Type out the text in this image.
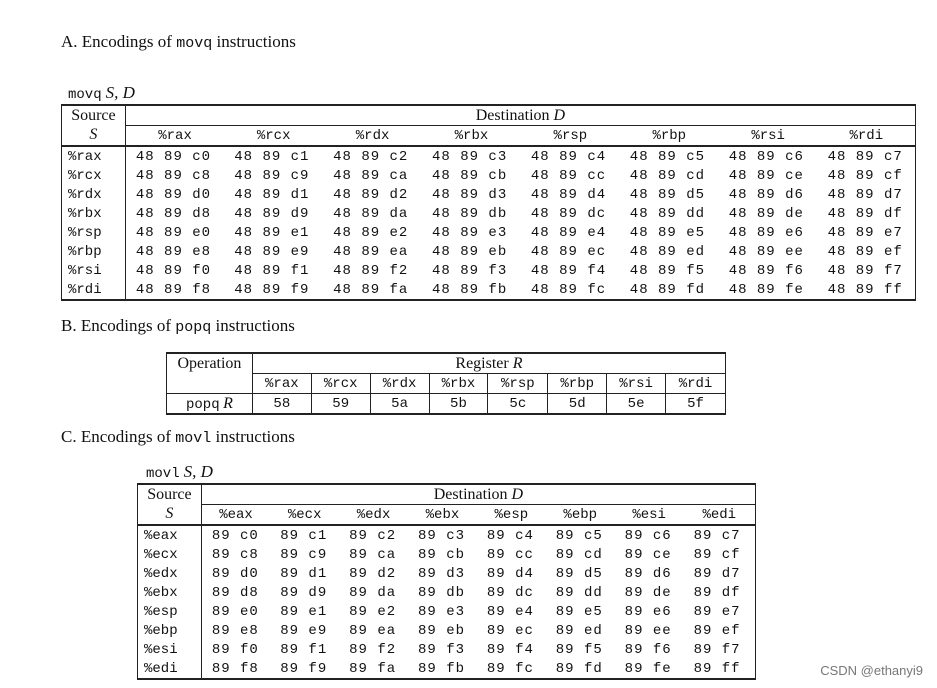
A. Encodings of movq instructions
movq S, D
Source	Destination D							
S	%rax	%rcx	%rdx	%rbx	%rsp	%rbp	%rsi	%rdi
%rax	48 89 c0	48 89 c1	48 89 c2	48 89 c3	48 89 c4	48 89 c5	48 89 c6	48 89 c7
%rcx	48 89 c8	48 89 c9	48 89 ca	48 89 cb	48 89 cc	48 89 cd	48 89 ce	48 89 cf
%rdx	48 89 d0	48 89 d1	48 89 d2	48 89 d3	48 89 d4	48 89 d5	48 89 d6	48 89 d7
%rbx	48 89 d8	48 89 d9	48 89 da	48 89 db	48 89 dc	48 89 dd	48 89 de	48 89 df
%rsp	48 89 e0	48 89 e1	48 89 e2	48 89 e3	48 89 e4	48 89 e5	48 89 e6	48 89 e7
%rbp	48 89 e8	48 89 e9	48 89 ea	48 89 eb	48 89 ec	48 89 ed	48 89 ee	48 89 ef
%rsi	48 89 f0	48 89 f1	48 89 f2	48 89 f3	48 89 f4	48 89 f5	48 89 f6	48 89 f7
%rdi	48 89 f8	48 89 f9	48 89 fa	48 89 fb	48 89 fc	48 89 fd	48 89 fe	48 89 ff
B. Encodings of popq instructions
Operation	Register R							
	%rax	%rcx	%rdx	%rbx	%rsp	%rbp	%rsi	%rdi
popq R	58	59	5a	5b	5c	5d	5e	5f
C. Encodings of movl instructions
movl S, D
Source	Destination D							
S	%eax	%ecx	%edx	%ebx	%esp	%ebp	%esi	%edi
%eax	89 c0	89 c1	89 c2	89 c3	89 c4	89 c5	89 c6	89 c7
%ecx	89 c8	89 c9	89 ca	89 cb	89 cc	89 cd	89 ce	89 cf
%edx	89 d0	89 d1	89 d2	89 d3	89 d4	89 d5	89 d6	89 d7
%ebx	89 d8	89 d9	89 da	89 db	89 dc	89 dd	89 de	89 df
%esp	89 e0	89 e1	89 e2	89 e3	89 e4	89 e5	89 e6	89 e7
%ebp	89 e8	89 e9	89 ea	89 eb	89 ec	89 ed	89 ee	89 ef
%esi	89 f0	89 f1	89 f2	89 f3	89 f4	89 f5	89 f6	89 f7
%edi	89 f8	89 f9	89 fa	89 fb	89 fc	89 fd	89 fe	89 ff	CSDN @ethanyi9
